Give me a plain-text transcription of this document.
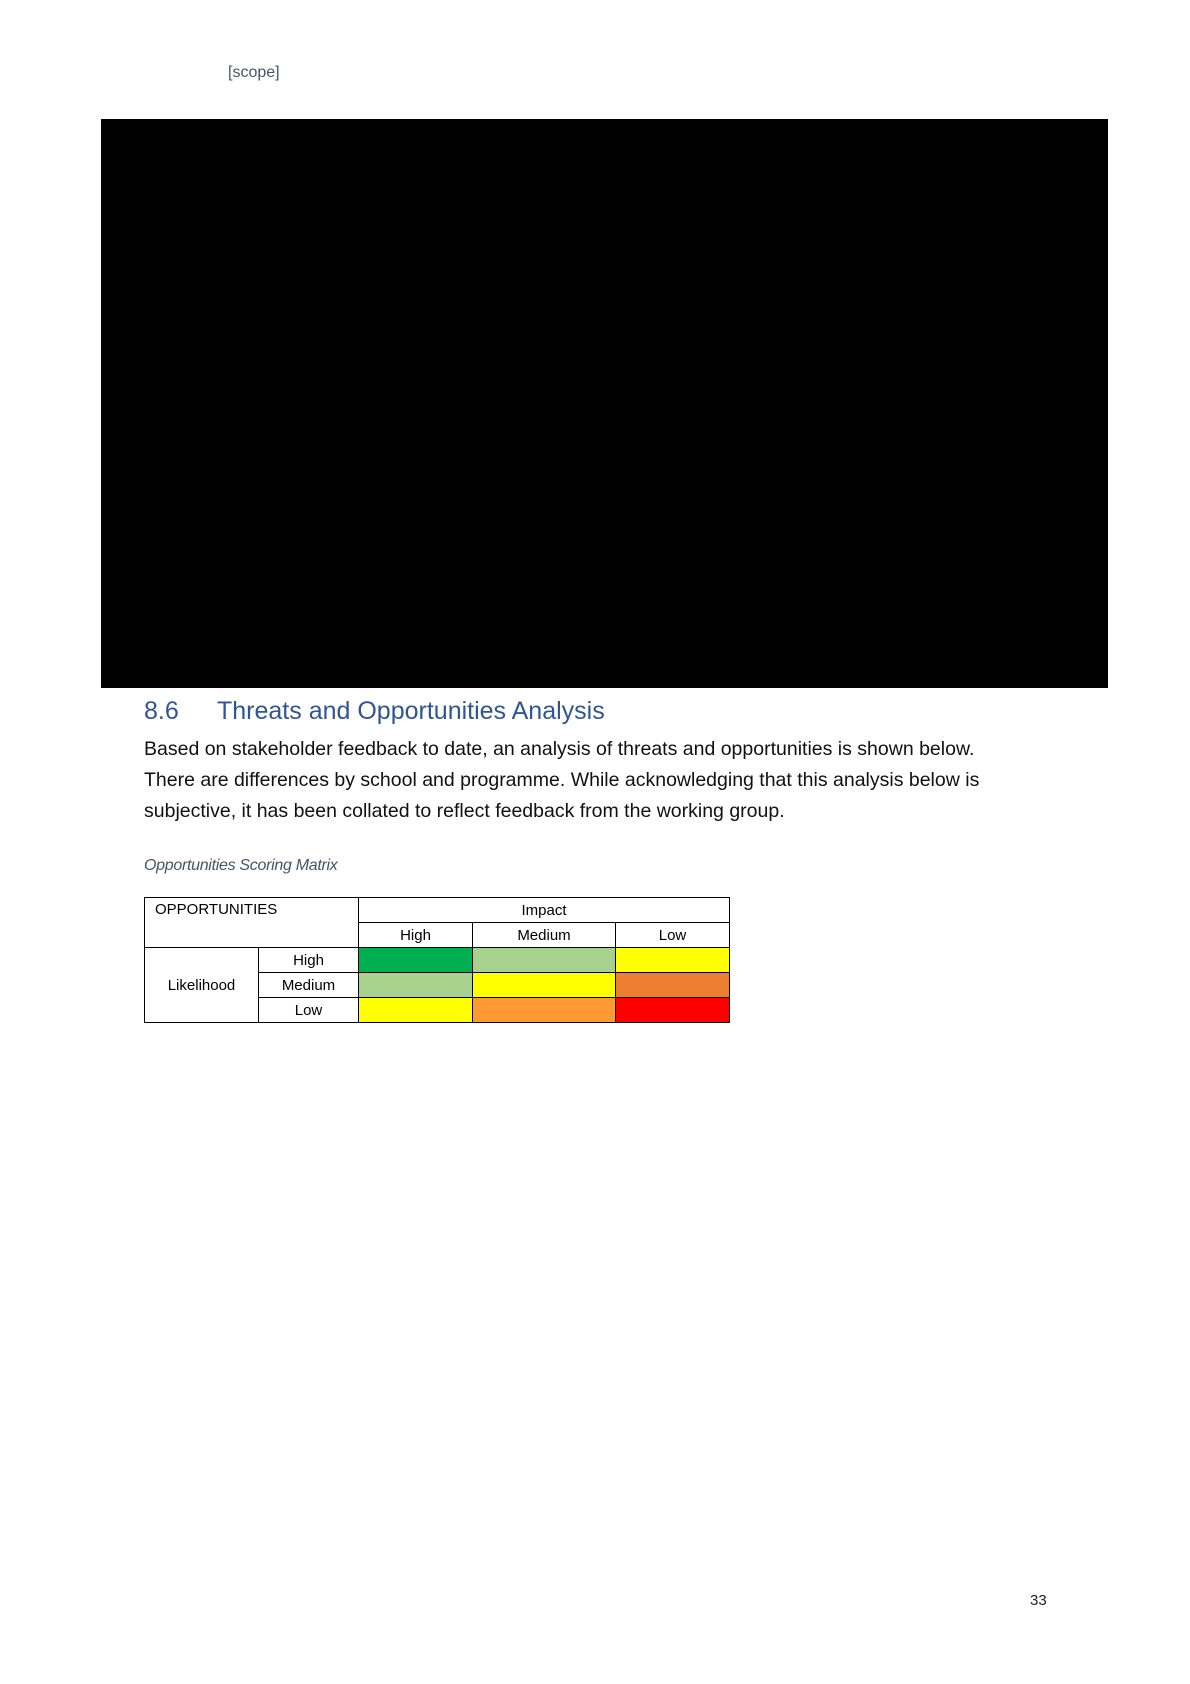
[scope]
8.6 Threats and Opportunities Analysis

Based on stakeholder feedback to date, an analysis of threats and opportunities is shown below.

There are differences by school and programme. While acknowledging that this analysis below is

subjective, it has been collated to reflect feedback from the working group.

Opportunities Scoring Matrix
OPPORTUNITIES		Impact		
		High	Medium	Low
Likelihood	High			
	Medium			
	Low			
33
